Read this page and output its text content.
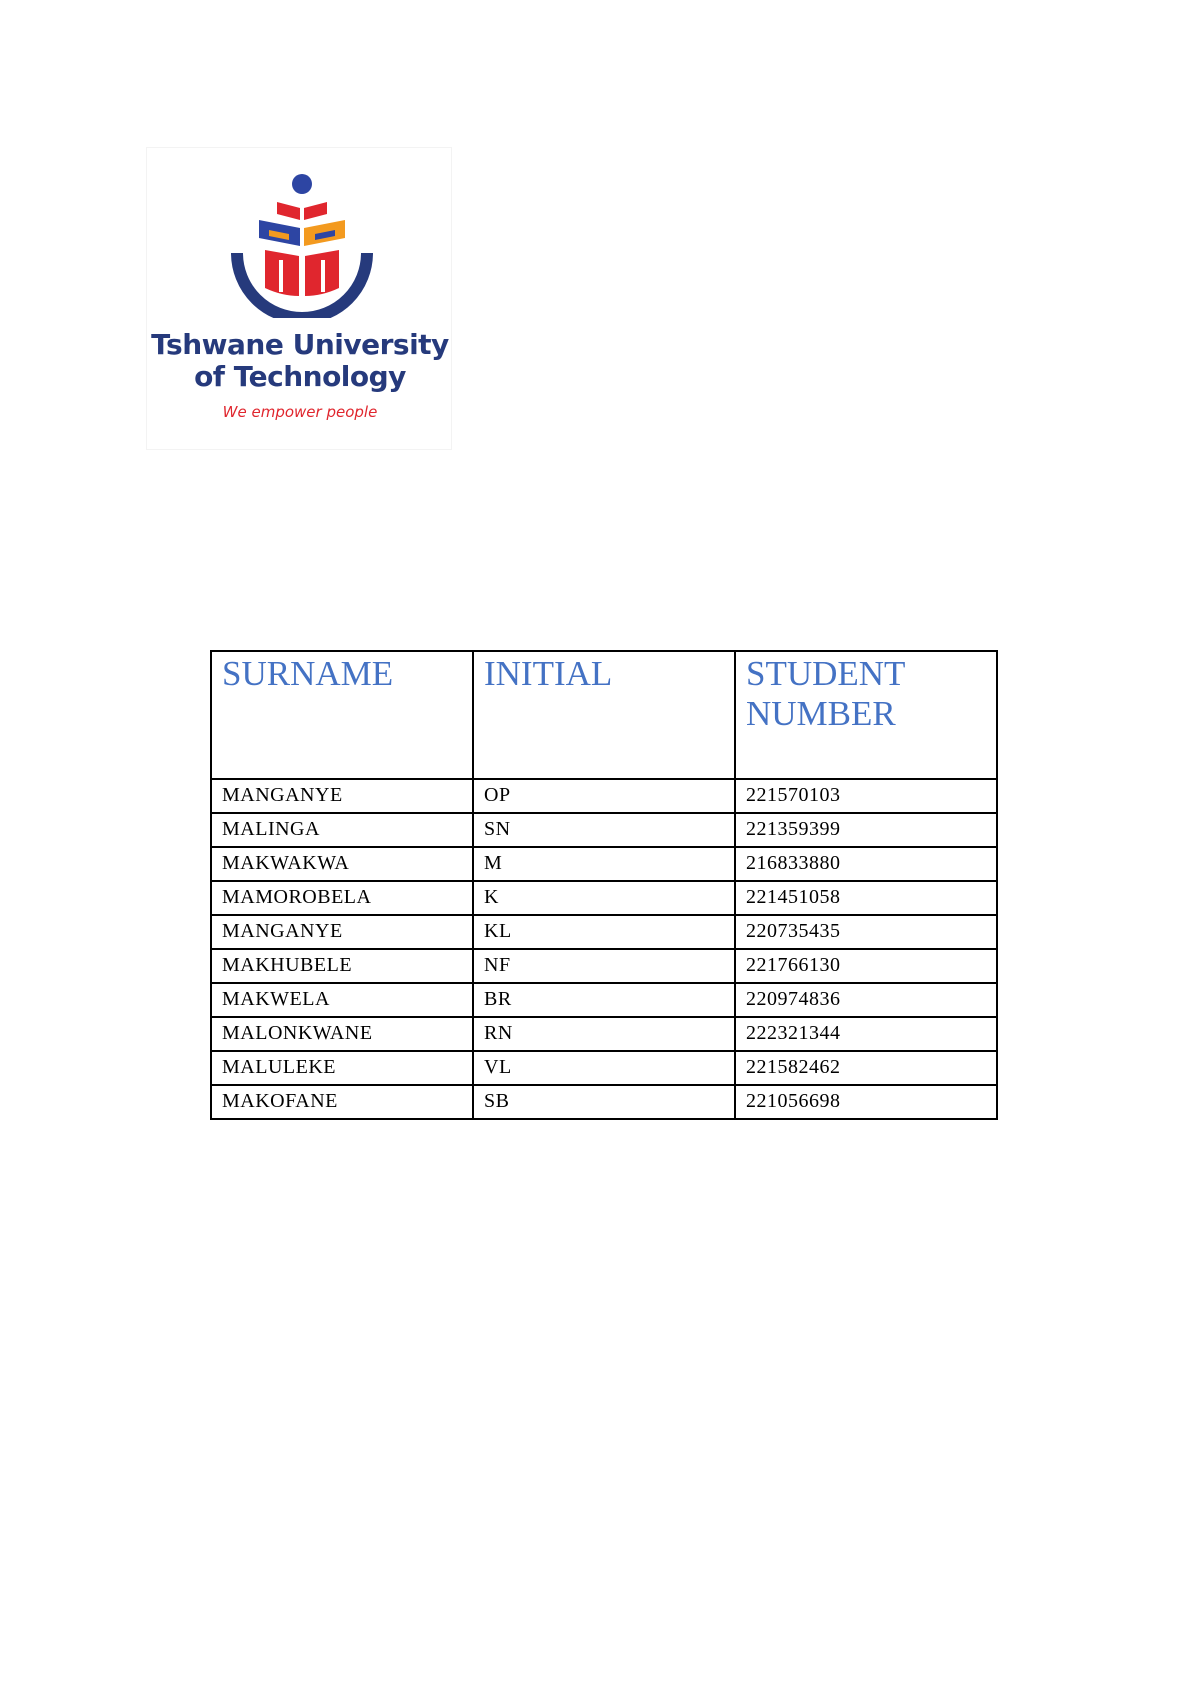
Tshwane University
of Technology
We empower people
SURNAME	INITIAL	STUDENT NUMBER
MANGANYE	OP	221570103
MALINGA	SN	221359399
MAKWAKWA	M	216833880
MAMOROBELA	K	221451058
MANGANYE	KL	220735435
MAKHUBELE	NF	221766130
MAKWELA	BR	220974836
MALONKWANE	RN	222321344
MALULEKE	VL	221582462
MAKOFANE	SB	221056698
